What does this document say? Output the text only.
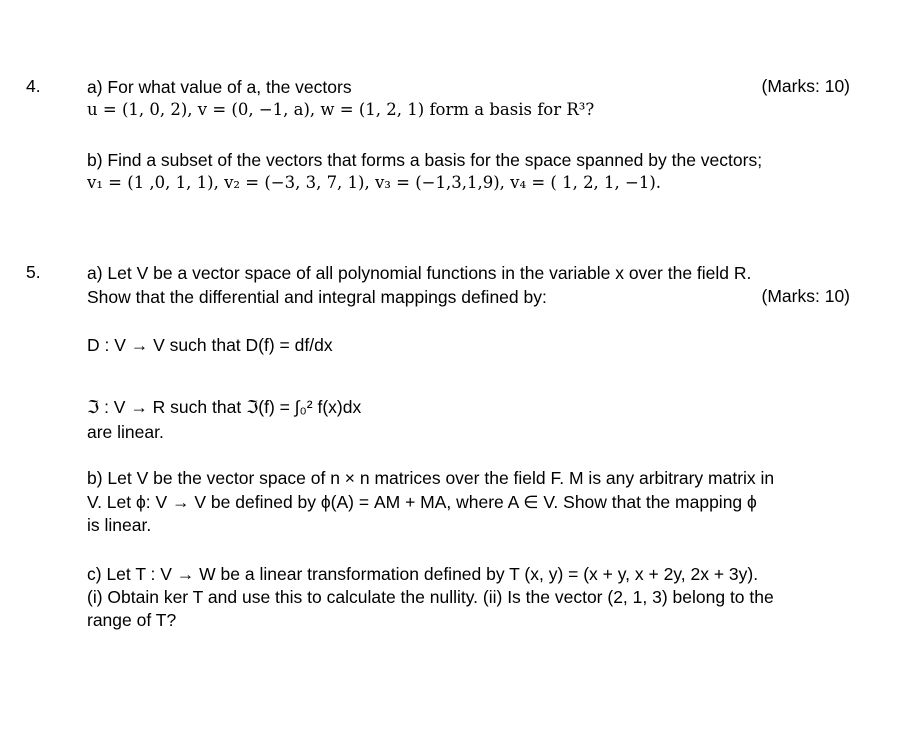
4.	a) For what value of a, the vectors	(Marks: 10)
u = (1, 0, 2), v = (0, −1, a), w = (1, 2, 1) form a basis for R³?
b) Find a subset of the vectors that forms a basis for the space spanned by the vectors;
v₁ = (1 ,0, 1, 1), v₂ = (−3, 3, 7, 1), v₃ = (−1,3,1,9), v₄ = ( 1, 2, 1, −1).
5.	a) Let V be a vector space of all polynomial functions in the variable x over the field R.
Show that the differential and integral mappings defined by:	(Marks: 10)
D : V → V such that D(f) = df/dx
ℑ : V → R such that ℑ(f) = ∫₀² f(x)dx
are linear.
b) Let V be the vector space of n × n matrices over the field F. M is any arbitrary matrix in
V. Let ϕ: V → V be defined by ϕ(A) = AM + MA, where A ∈ V. Show that the mapping ϕ
is linear.
c) Let T : V → W be a linear transformation defined by T (x, y) = (x + y, x + 2y, 2x + 3y).
(i) Obtain ker T and use this to calculate the nullity. (ii) Is the vector (2, 1, 3) belong to the
range of T?
